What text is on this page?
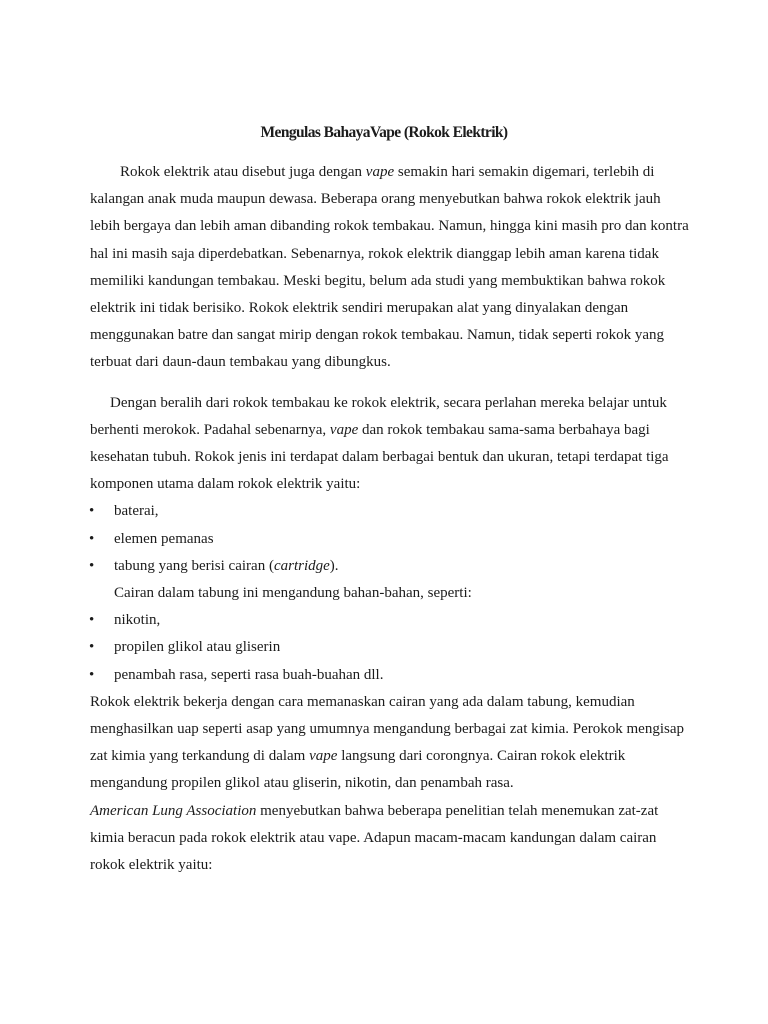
Mengulas BahayaVape (Rokok Elektrik)

Rokok elektrik atau disebut juga dengan vape semakin hari semakin digemari, terlebih di kalangan anak muda maupun dewasa. Beberapa orang menyebutkan bahwa rokok elektrik jauh lebih bergaya dan lebih aman dibanding rokok tembakau. Namun, hingga kini masih pro dan kontra hal ini masih saja diperdebatkan. Sebenarnya, rokok elektrik dianggap lebih aman karena tidak memiliki kandungan tembakau. Meski begitu, belum ada studi yang membuktikan bahwa rokok elektrik ini tidak berisiko. Rokok elektrik sendiri merupakan alat yang dinyalakan dengan menggunakan batre dan sangat mirip dengan rokok tembakau. Namun, tidak seperti rokok yang terbuat dari daun-daun tembakau yang dibungkus.

Dengan beralih dari rokok tembakau ke rokok elektrik, secara perlahan mereka belajar untuk berhenti merokok. Padahal sebenarnya, vape dan rokok tembakau sama-sama berbahaya bagi kesehatan tubuh. Rokok jenis ini terdapat dalam berbagai bentuk dan ukuran, tetapi terdapat tiga komponen utama dalam rokok elektrik yaitu:

• baterai,
• elemen pemanas
• tabung yang berisi cairan (cartridge).

Cairan dalam tabung ini mengandung bahan-bahan, seperti:

• nikotin,
• propilen glikol atau gliserin
• penambah rasa, seperti rasa buah-buahan dll.

Rokok elektrik bekerja dengan cara memanaskan cairan yang ada dalam tabung, kemudian menghasilkan uap seperti asap yang umumnya mengandung berbagai zat kimia. Perokok mengisap zat kimia yang terkandung di dalam vape langsung dari corongnya. Cairan rokok elektrik mengandung propilen glikol atau gliserin, nikotin, dan penambah rasa.

American Lung Association menyebutkan bahwa beberapa penelitian telah menemukan zat-zat kimia beracun pada rokok elektrik atau vape. Adapun macam-macam kandungan dalam cairan rokok elektrik yaitu:
